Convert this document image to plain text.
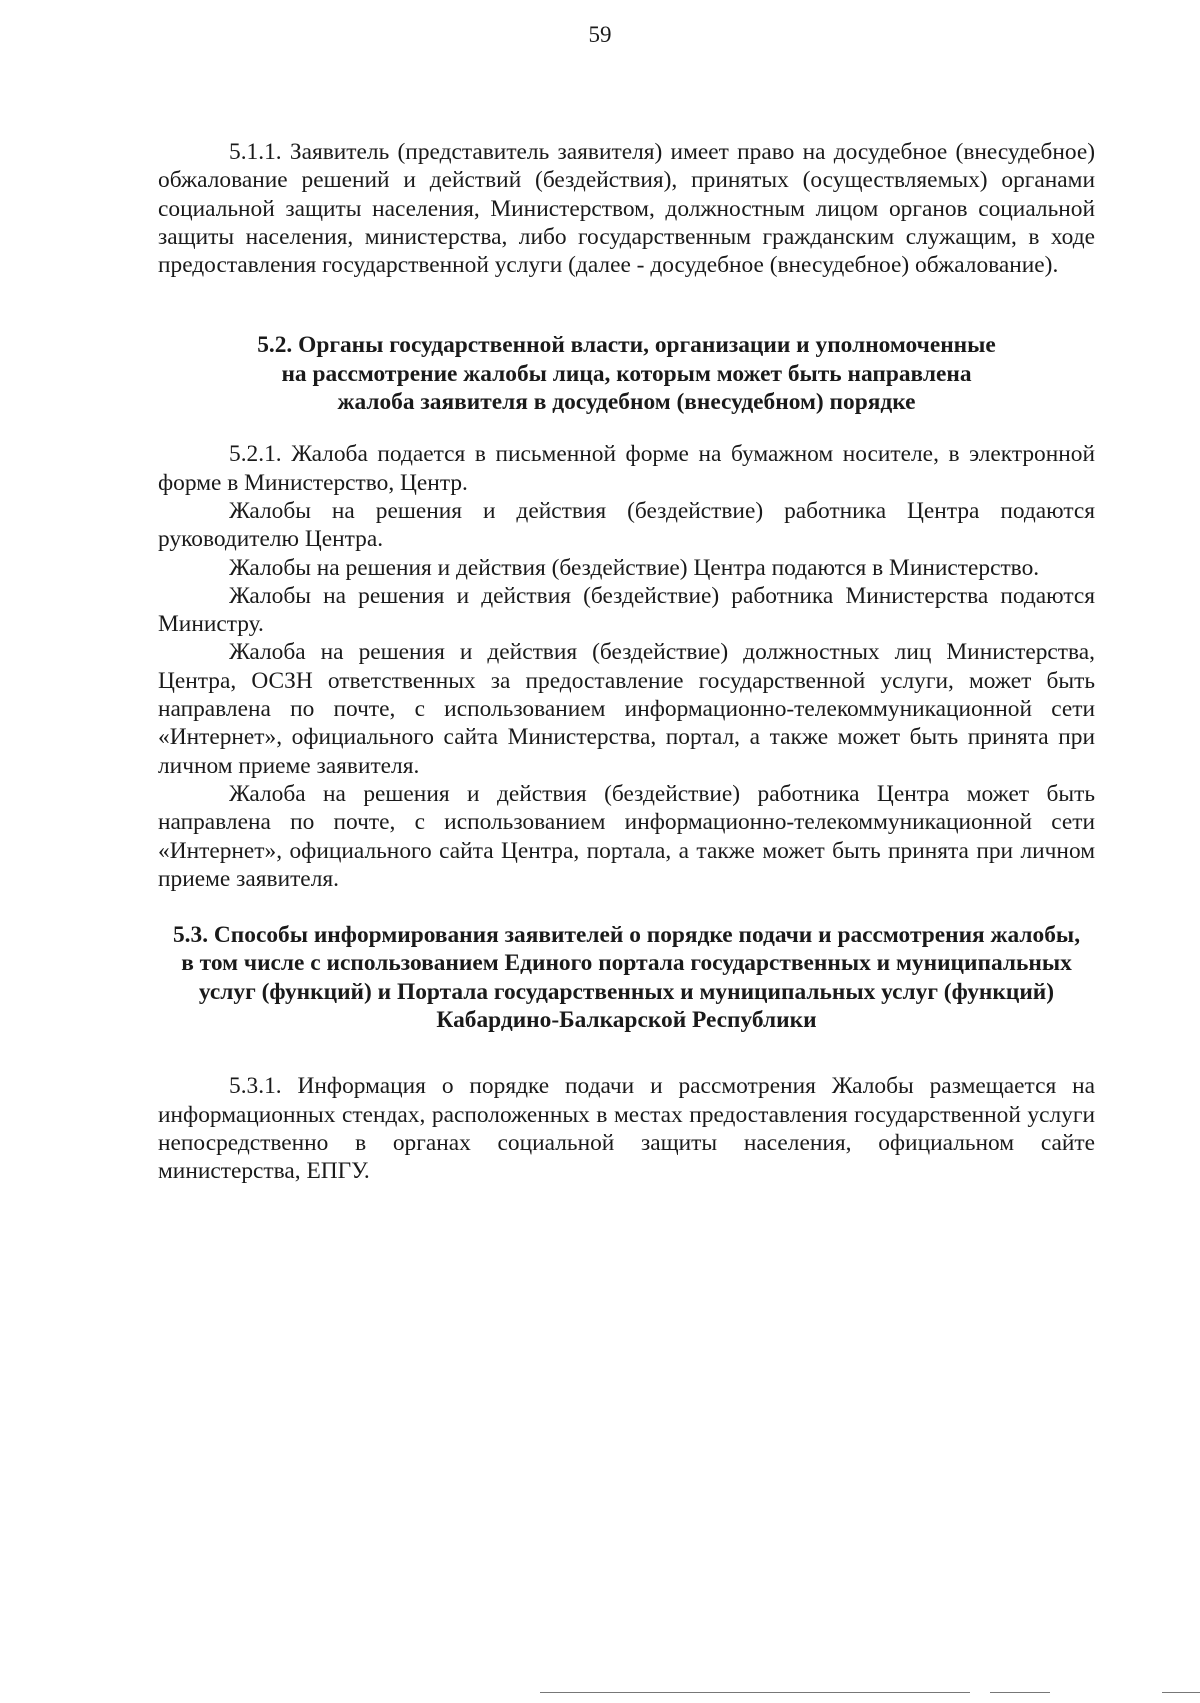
59

5.1.1. Заявитель (представитель заявителя) имеет право на досудебное (внесудебное) обжалование решений и действий (бездействия), принятых (осуществляемых) органами социальной защиты населения, Министерством, должностным лицом органов социальной защиты населения, министерства, либо государственным гражданским служащим, в ходе предоставления государственной услуги (далее - досудебное (внесудебное) обжалование).

5.2. Органы государственной власти, организации и уполномоченные
на рассмотрение жалобы лица, которым может быть направлена
жалоба заявителя в досудебном (внесудебном) порядке

5.2.1. Жалоба подается в письменной форме на бумажном носителе, в электронной форме в Министерство, Центр.

Жалобы на решения и действия (бездействие) работника Центра подаются руководителю Центра.

Жалобы на решения и действия (бездействие) Центра подаются в Министерство.

Жалобы на решения и действия (бездействие) работника Министерства подаются Министру.

Жалоба на решения и действия (бездействие) должностных лиц Министерства, Центра, ОСЗН ответственных за предоставление государственной услуги, может быть направлена по почте, с использованием информационно-телекоммуникационной сети «Интернет», официального сайта Министерства, портал, а также может быть принята при личном приеме заявителя.

Жалоба на решения и действия (бездействие) работника Центра может быть направлена по почте, с использованием информационно-телекоммуникационной сети «Интернет», официального сайта Центра, портала, а также может быть принята при личном приеме заявителя.

5.3. Способы информирования заявителей о порядке подачи и рассмотрения жалобы,
в том числе с использованием Единого портала государственных и муниципальных
услуг (функций) и Портала государственных и муниципальных услуг (функций)
Кабардино-Балкарской Республики

5.3.1. Информация о порядке подачи и рассмотрения Жалобы размещается на информационных стендах, расположенных в местах предоставления государственной услуги непосредственно в органах социальной защиты населения, официальном сайте министерства, ЕПГУ.
